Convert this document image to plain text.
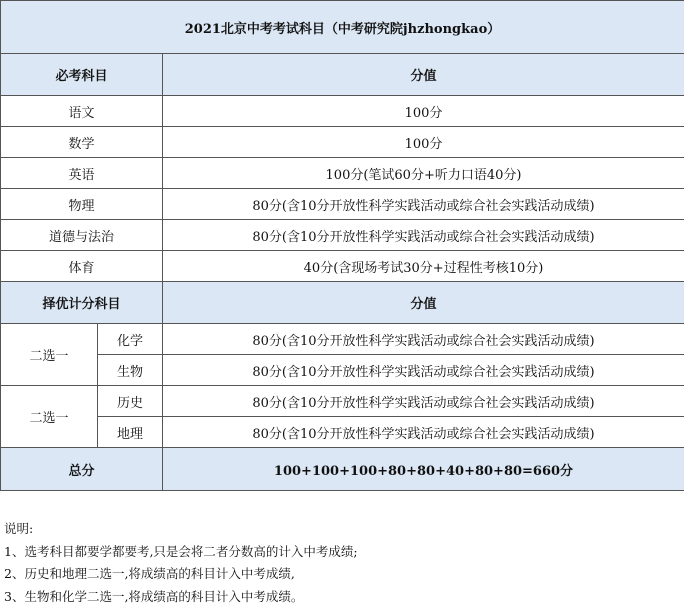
2021北京中考考试科目（中考研究院jhzhongkao）		
必考科目		分值
语文		100分
数学		100分
英语		100分(笔试60分+听力口语40分)
物理		80分(含10分开放性科学实践活动或综合社会实践活动成绩)
道德与法治		80分(含10分开放性科学实践活动或综合社会实践活动成绩)
体育		40分(含现场考试30分+过程性考核10分)
择优计分科目		分值
二选一	化学	80分(含10分开放性科学实践活动或综合社会实践活动成绩)
	生物	80分(含10分开放性科学实践活动或综合社会实践活动成绩)
二选一	历史	80分(含10分开放性科学实践活动或综合社会实践活动成绩)
	地理	80分(含10分开放性科学实践活动或综合社会实践活动成绩)
总分		100+100+100+80+80+40+80+80=660分
说明:
1、选考科目都要学都要考,只是会将二者分数高的计入中考成绩;
2、历史和地理二选一,将成绩高的科目计入中考成绩,
3、生物和化学二选一,将成绩高的科目计入中考成绩。
